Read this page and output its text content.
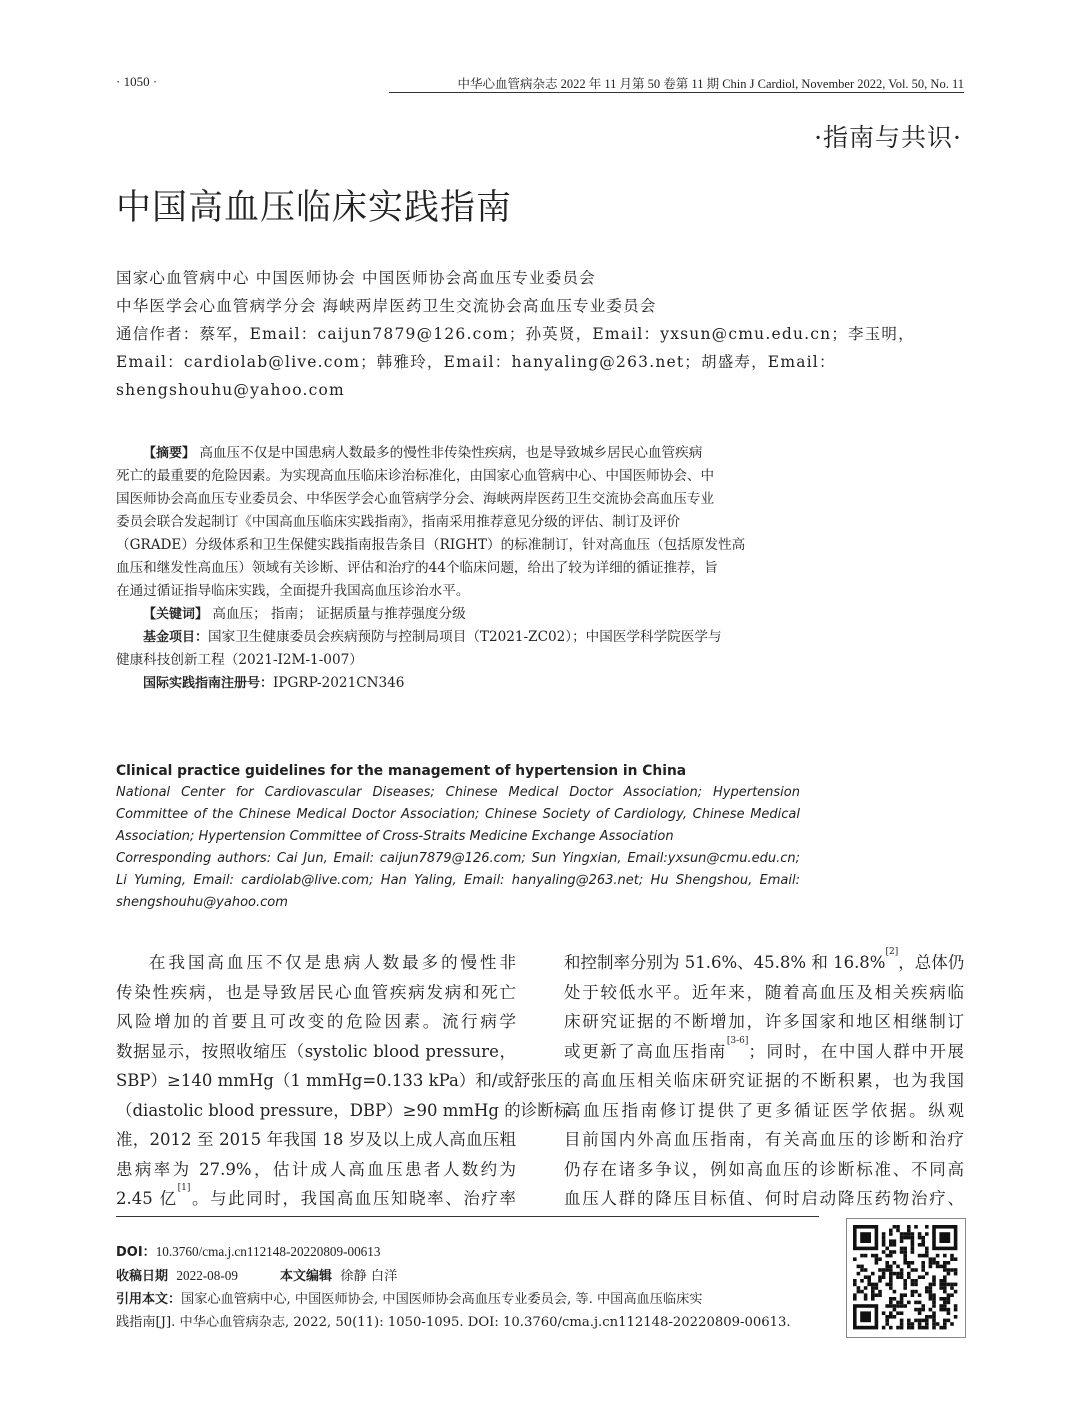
· 1050 ·	中华心血管病杂志 2022 年 11 月第 50 卷第 11 期 Chin J Cardiol, November 2022, Vol. 50, No. 11
·指南与共识·
中国高血压临床实践指南
国家心血管病中心 中国医师协会 中国医师协会高血压专业委员会
中华医学会心血管病学分会 海峡两岸医药卫生交流协会高血压专业委员会
通信作者：蔡军，Email：caijun7879@126.com；孙英贤，Email：yxsun@cmu.edu.cn；李玉明，
Email：cardiolab@live.com；韩雅玲，Email：hanyaling@263.net；胡盛寿，Email：
shengshouhu@yahoo.com
【摘要】 高血压不仅是中国患病人数最多的慢性非传染性疾病，也是导致城乡居民心血管疾病
死亡的最重要的危险因素。为实现高血压临床诊治标准化，由国家心血管病中心、中国医师协会、中
国医师协会高血压专业委员会、中华医学会心血管病学分会、海峡两岸医药卫生交流协会高血压专业
委员会联合发起制订《中国高血压临床实践指南》，指南采用推荐意见分级的评估、制订及评价
（GRADE）分级体系和卫生保健实践指南报告条目（RIGHT）的标准制订，针对高血压（包括原发性高
血压和继发性高血压）领域有关诊断、评估和治疗的44个临床问题，给出了较为详细的循证推荐，旨
在通过循证指导临床实践，全面提升我国高血压诊治水平。
【关键词】 高血压； 指南； 证据质量与推荐强度分级
基金项目：国家卫生健康委员会疾病预防与控制局项目（T2021-ZC02）；中国医学科学院医学与
健康科技创新工程（2021-I2M-1-007）
国际实践指南注册号：IPGRP-2021CN346
Clinical practice guidelines for the management of hypertension in China
National Center for Cardiovascular Diseases; Chinese Medical Doctor Association; Hypertension
Committee of the Chinese Medical Doctor Association; Chinese Society of Cardiology, Chinese Medical
Association; Hypertension Committee of Cross-Straits Medicine Exchange Association
Corresponding authors: Cai Jun, Email: caijun7879@126.com; Sun Yingxian, Email:yxsun@cmu.edu.cn;
Li Yuming, Email: cardiolab@live.com; Han Yaling, Email: hanyaling@263.net; Hu Shengshou, Email:
shengshouhu@yahoo.com
在我国高血压不仅是患病人数最多的慢性非
传染性疾病，也是导致居民心血管疾病发病和死亡
风险增加的首要且可改变的危险因素。流行病学
数据显示，按照收缩压（systolic blood pressure，
SBP）≥140 mmHg（1 mmHg=0.133 kPa）和/或舒张压
（diastolic blood pressure，DBP）≥90 mmHg 的诊断标
准，2012 至 2015 年我国 18 岁及以上成人高血压粗
患病率为 27.9%，估计成人高血压患者人数约为
2.45 亿[1]。与此同时，我国高血压知晓率、治疗率
和控制率分别为 51.6%、45.8% 和 16.8%[2]，总体仍
处于较低水平。近年来，随着高血压及相关疾病临
床研究证据的不断增加，许多国家和地区相继制订
或更新了高血压指南[3-6]；同时，在中国人群中开展
的高血压相关临床研究证据的不断积累，也为我国
高血压指南修订提供了更多循证医学依据。纵观
目前国内外高血压指南，有关高血压的诊断和治疗
仍存在诸多争议，例如高血压的诊断标准、不同高
血压人群的降压目标值、何时启动降压药物治疗、
DOI：10.3760/cma.j.cn112148-20220809-00613
收稿日期 2022-08-09	本文编辑 徐静 白洋
引用本文：国家心血管病中心, 中国医师协会, 中国医师协会高血压专业委员会, 等. 中国高血压临床实
践指南[J]. 中华心血管病杂志, 2022, 50(11): 1050-1095. DOI: 10.3760/cma.j.cn112148-20220809-00613.
